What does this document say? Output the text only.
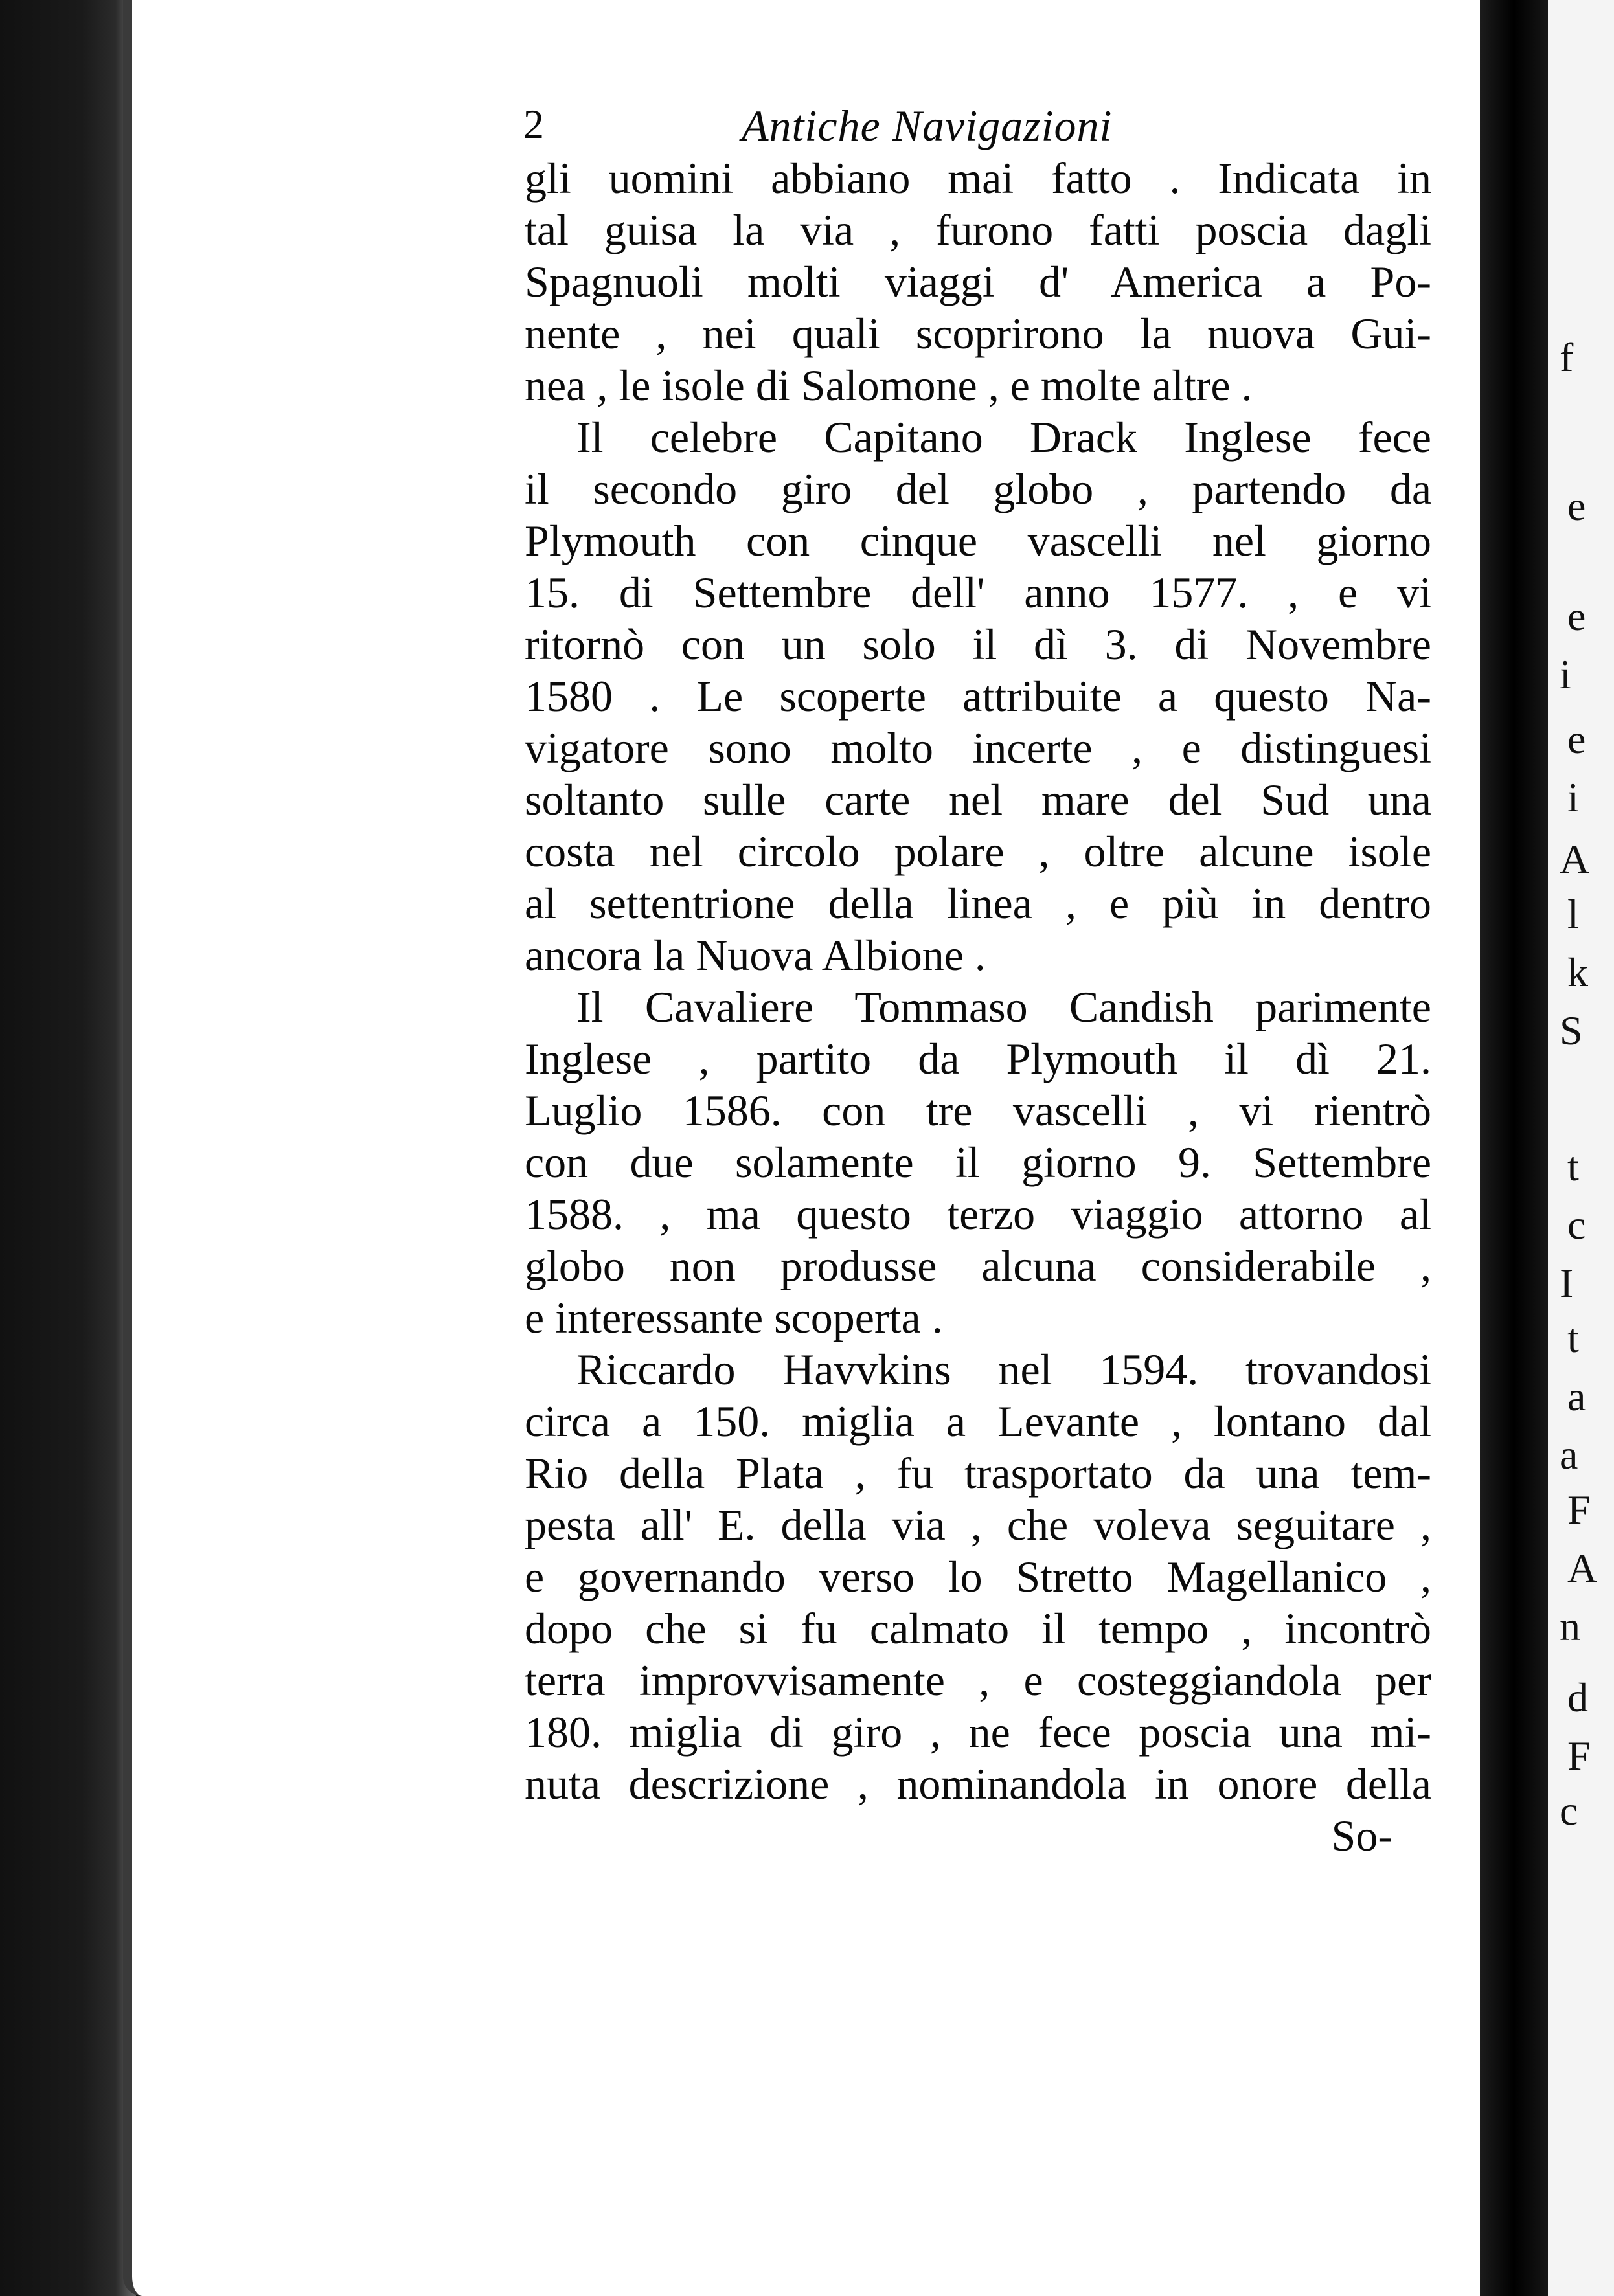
2	Antiche Navigazioni
gli uomini abbiano mai fatto . Indicata in
tal guisa la via , furono fatti poscia dagli
Spagnuoli molti viaggi d' America a Po-
nente , nei quali scoprirono la nuova Gui-
nea , le isole di Salomone , e molte altre .
Il celebre Capitano Drack Inglese fece
il secondo giro del globo , partendo da
Plymouth con cinque vascelli nel giorno
15. di Settembre dell' anno 1577. , e vi
ritornò con un solo il dì 3. di Novembre
1580 . Le scoperte attribuite a questo Na-
vigatore sono molto incerte , e distinguesi
soltanto sulle carte nel mare del Sud una
costa nel circolo polare , oltre alcune isole
al settentrione della linea , e più in dentro
ancora la Nuova Albione .
Il Cavaliere Tommaso Candish parimente
Inglese , partito da Plymouth il dì 21.
Luglio 1586. con tre vascelli , vi rientrò
con due solamente il giorno 9. Settembre
1588. , ma questo terzo viaggio attorno al
globo non produsse alcuna considerabile ,
e interessante scoperta .
Riccardo Havvkins nel 1594. trovandosi
circa a 150. miglia a Levante , lontano dal
Rio della Plata , fu trasportato da una tem-
pesta all' E. della via , che voleva seguitare ,
e governando verso lo Stretto Magellanico ,
dopo che si fu calmato il tempo , incontrò
terra improvvisamente , e costeggiandola per
180. miglia di giro , ne fece poscia una mi-
nuta descrizione , nominandola in onore della
So-
f
e
e
i
e
i
A
l
k
S
t
c
I
t
a
a
F
A
n
d
F
c
